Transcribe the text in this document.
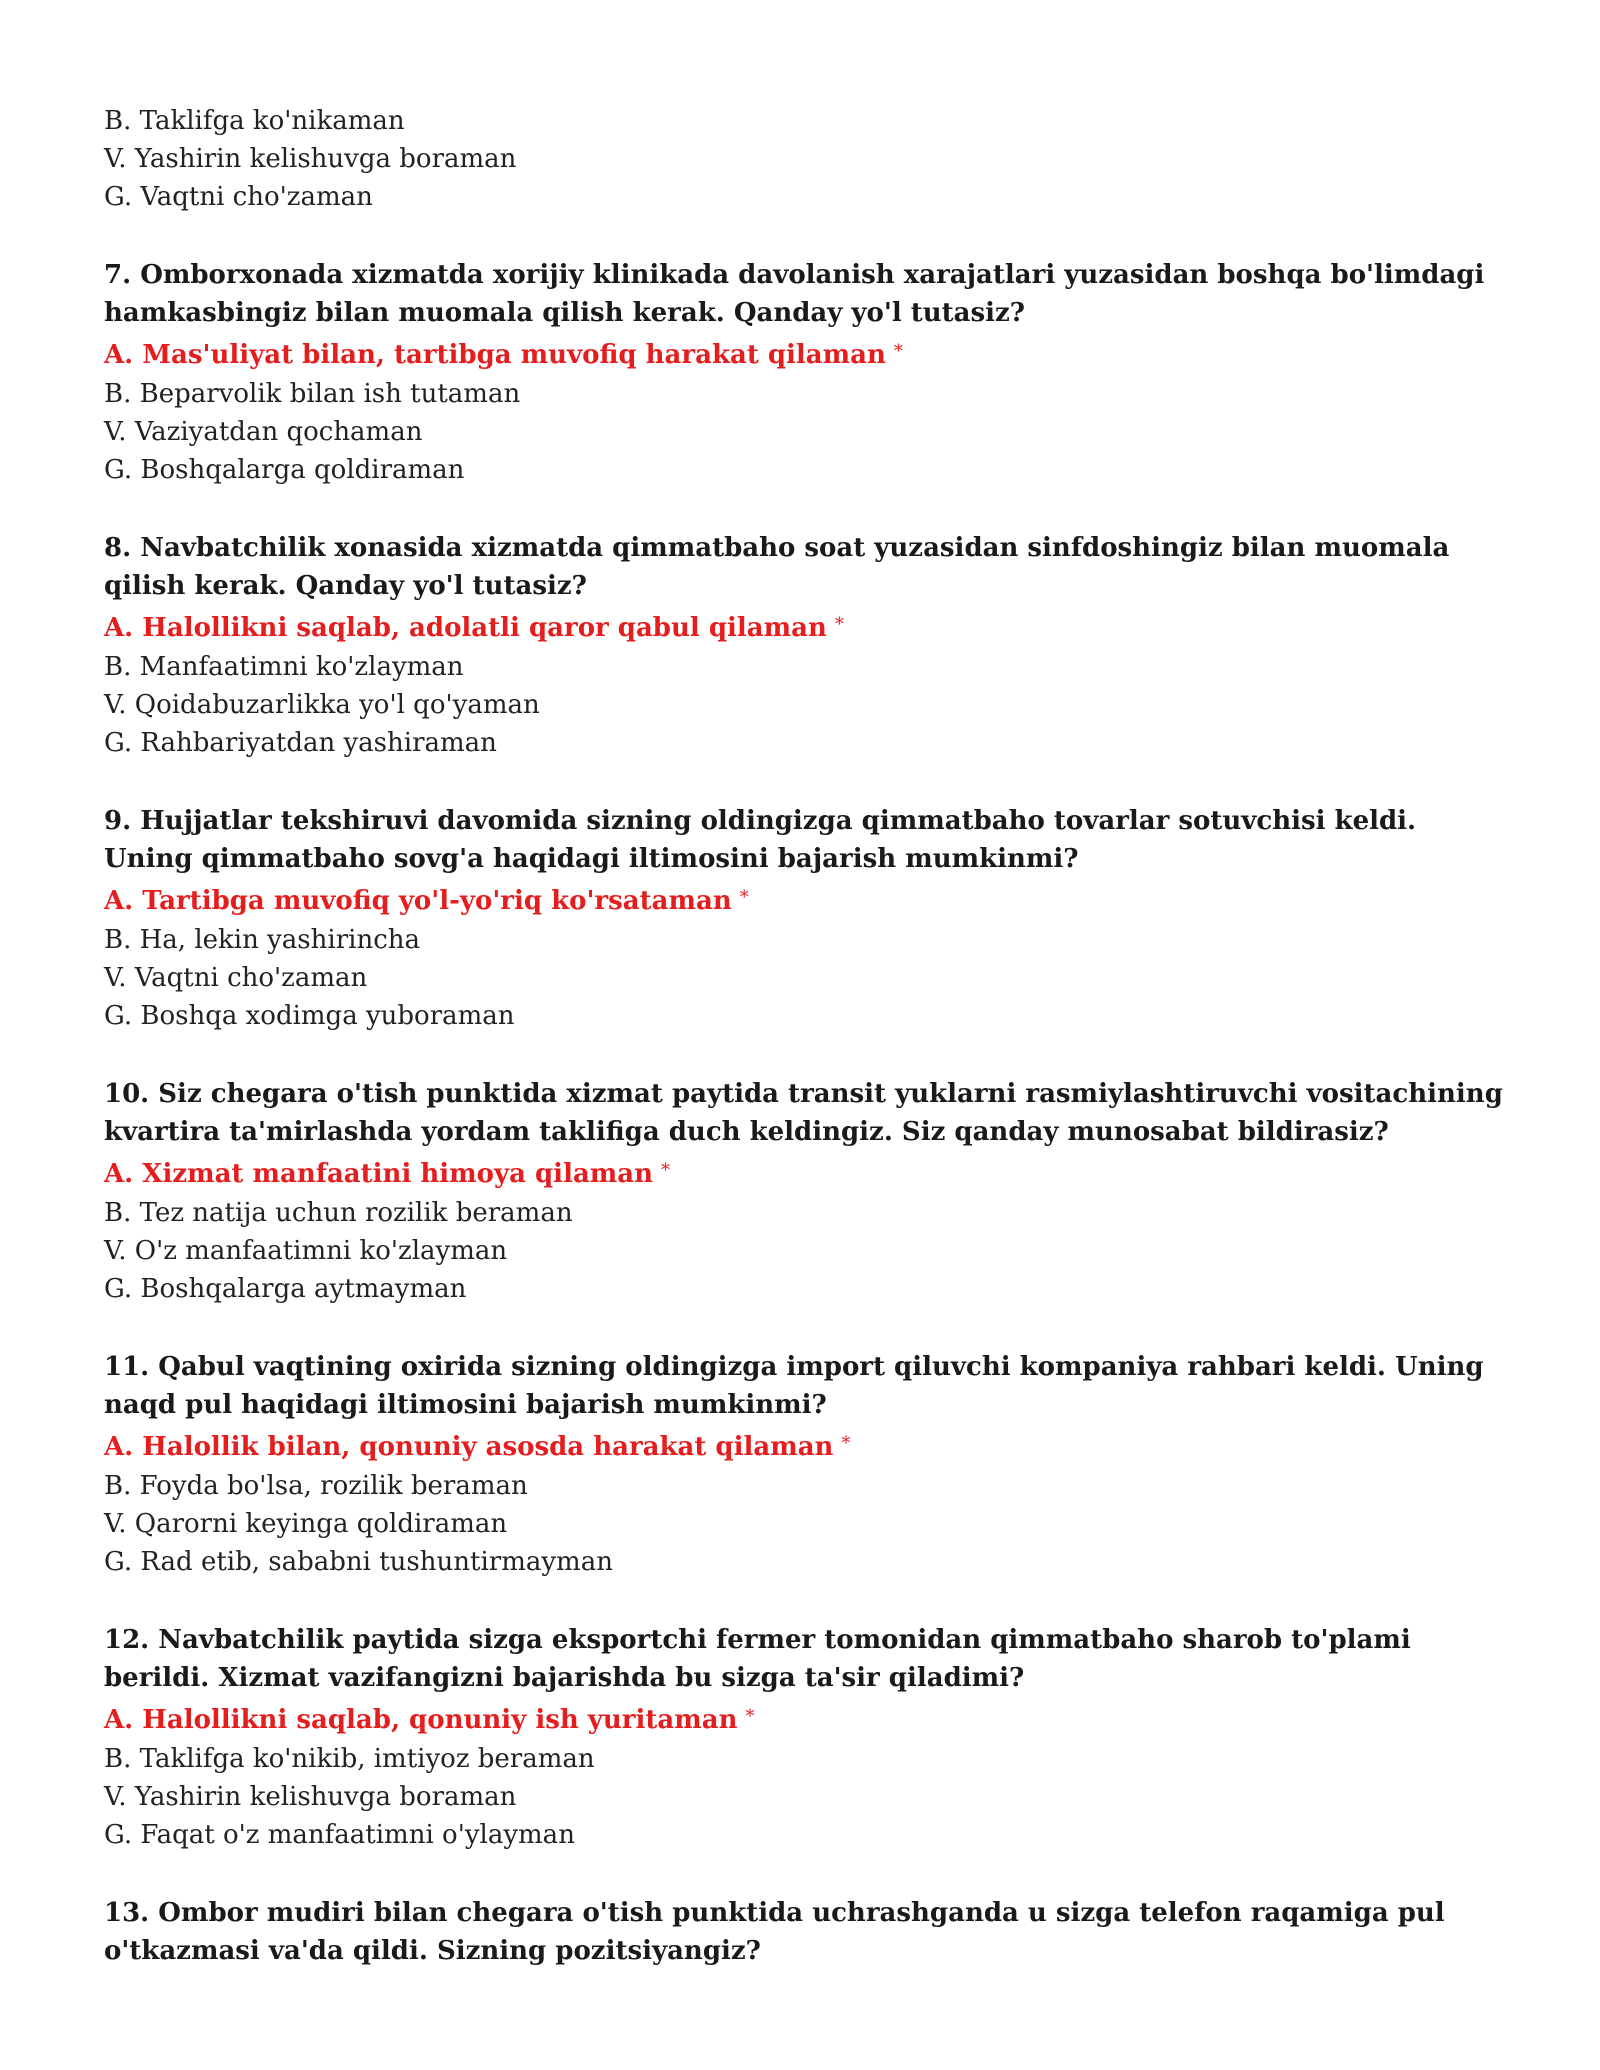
B. Taklifga ko'nikaman
V. Yashirin kelishuvga boraman
G. Vaqtni cho'zaman
7. Omborxonada xizmatda xorijiy klinikada davolanish xarajatlari yuzasidan boshqa bo'limdagi hamkasbingiz bilan muomala qilish kerak. Qanday yo'l tutasiz?
A. Mas'uliyat bilan, tartibga muvofiq harakat qilaman *
B. Beparvolik bilan ish tutaman
V. Vaziyatdan qochaman
G. Boshqalarga qoldiraman
8. Navbatchilik xonasida xizmatda qimmatbaho soat yuzasidan sinfdoshingiz bilan muomala qilish kerak. Qanday yo'l tutasiz?
A. Halollikni saqlab, adolatli qaror qabul qilaman *
B. Manfaatimni ko'zlayman
V. Qoidabuzarlikka yo'l qo'yaman
G. Rahbariyatdan yashiraman
9. Hujjatlar tekshiruvi davomida sizning oldingizga qimmatbaho tovarlar sotuvchisi keldi. Uning qimmatbaho sovg'a haqidagi iltimosini bajarish mumkinmi?
A. Tartibga muvofiq yo'l-yo'riq ko'rsataman *
B. Ha, lekin yashirincha
V. Vaqtni cho'zaman
G. Boshqa xodimga yuboraman
10. Siz chegara o'tish punktida xizmat paytida transit yuklarni rasmiylashtiruvchi vositachining kvartira ta'mirlashda yordam taklifiga duch keldingiz. Siz qanday munosabat bildirasiz?
A. Xizmat manfaatini himoya qilaman *
B. Tez natija uchun rozilik beraman
V. O'z manfaatimni ko'zlayman
G. Boshqalarga aytmayman
11. Qabul vaqtining oxirida sizning oldingizga import qiluvchi kompaniya rahbari keldi. Uning naqd pul haqidagi iltimosini bajarish mumkinmi?
A. Halollik bilan, qonuniy asosda harakat qilaman *
B. Foyda bo'lsa, rozilik beraman
V. Qarorni keyinga qoldiraman
G. Rad etib, sababni tushuntirmayman
12. Navbatchilik paytida sizga eksportchi fermer tomonidan qimmatbaho sharob to'plami berildi. Xizmat vazifangizni bajarishda bu sizga ta'sir qiladimi?
A. Halollikni saqlab, qonuniy ish yuritaman *
B. Taklifga ko'nikib, imtiyoz beraman
V. Yashirin kelishuvga boraman
G. Faqat o'z manfaatimni o'ylayman
13. Ombor mudiri bilan chegara o'tish punktida uchrashganda u sizga telefon raqamiga pul o'tkazmasi va'da qildi. Sizning pozitsiyangiz?
